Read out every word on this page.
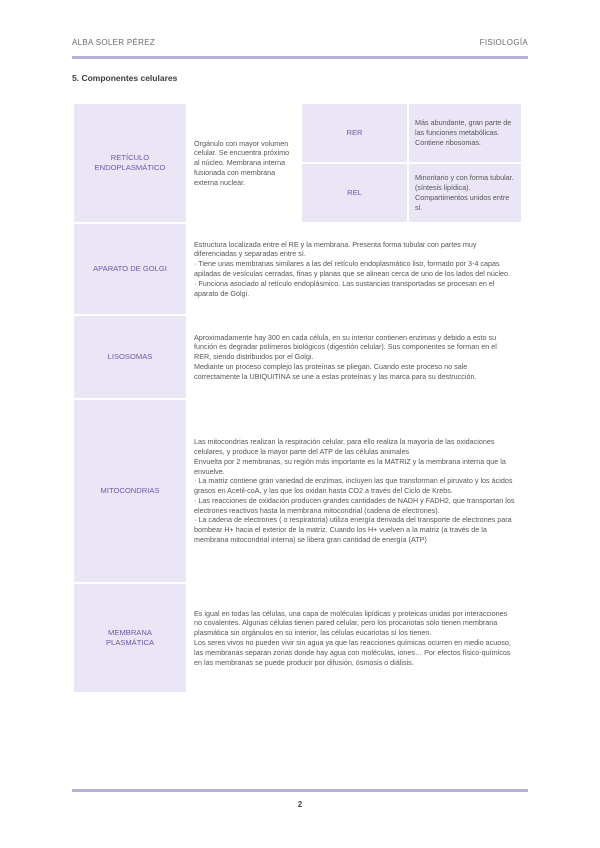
ALBA SOLER PÉREZ	FISIOLOGÍA
5. Componentes celulares
RETÍCULO
ENDOPLASMÁTICO	Orgánulo con mayor volumen celular. Se encuentra próximo al núcleo. Membrana interna fusionada con membrana externa nuclear.	RER	Más abundante, gran parte de las funciones metabólicas.
Contiene ribosomas.
		REL	Minoritario y con forma tubular.(síntesis lipídica). Compartimentos unidos entre sí.
APARATO DE GOLGI	Estructura localizada entre el RE y la membrana. Presenta forma tubular con partes muy diferenciadas y separadas entre sí.
· Tiene unas membranas similares a las del retículo endoplasmático liso, formado por 3-4 capas apiladas de vesículas cerradas, finas y planas que se alinean cerca de uno de los lados del núcleo.
· Funciona asociado al retículo endoplásmico. Las sustancias transportadas se procesan en el aparato de Golgi.		
LISOSOMAS	Aproximadamente hay 300 en cada célula, en su interior contienen enzimas y debido a esto su función es degradar polímeros biológicos (digestión celular). Sus componentes se forman en el RER, siendo distribuidos por el Golgi.
Mediante un proceso complejo las proteínas se pliegan. Cuando este proceso no sale correctamente la UBIQUITINA se une a estas proteínas y las marca para su destrucción.		
MITOCONDRIAS	Las mitocondrias realizan la respiración celular, para ello realiza la mayoría de las oxidaciones celulares, y produce la mayor parte del ATP de las células animales
Envuelta por 2 membranas, su región más importante es la MATRIZ y la membrana interna que la envuelve.
· La matriz contiene gran variedad de enzimas, incluyen las que transforman el piruvato y los ácidos grasos en Acetil-coA, y las que los oxidan hasta CO2 a través del Ciclo de Krebs.
· Las reacciones de oxidación producen grandes cantidades de NADH y FADH2, que transportan los electrones reactivos hasta la membrana mitocondrial (cadena de electrones).
· La cadena de electrones ( o respiratoria) utiliza energía derivada del transporte de electrones para bombear H+ hacia el exterior de la matriz. Cuando los H+ vuelven a la matriz (a través de la membrana mitocondrial interna) se libera gran cantidad de energía (ATP)		
MEMBRANA
PLASMÁTICA	Es igual en todas las células, una capa de moléculas lipídicas y proteicas unidas por interacciones no covalentes. Algunas células tienen pared celular, pero los procariotas sólo tienen membrana plasmática sin orgánulos en su interior, las células eucariotas sí los tienen.
Los seres vivos no pueden vivir sin agua ya que las reacciones químicas ocurren en medio acuoso, las membranas separan zonas donde hay agua con moléculas, iones… Por efectos físico-químicos en las membranas se puede producir por difusión, ósmosis o diálisis.		
2
